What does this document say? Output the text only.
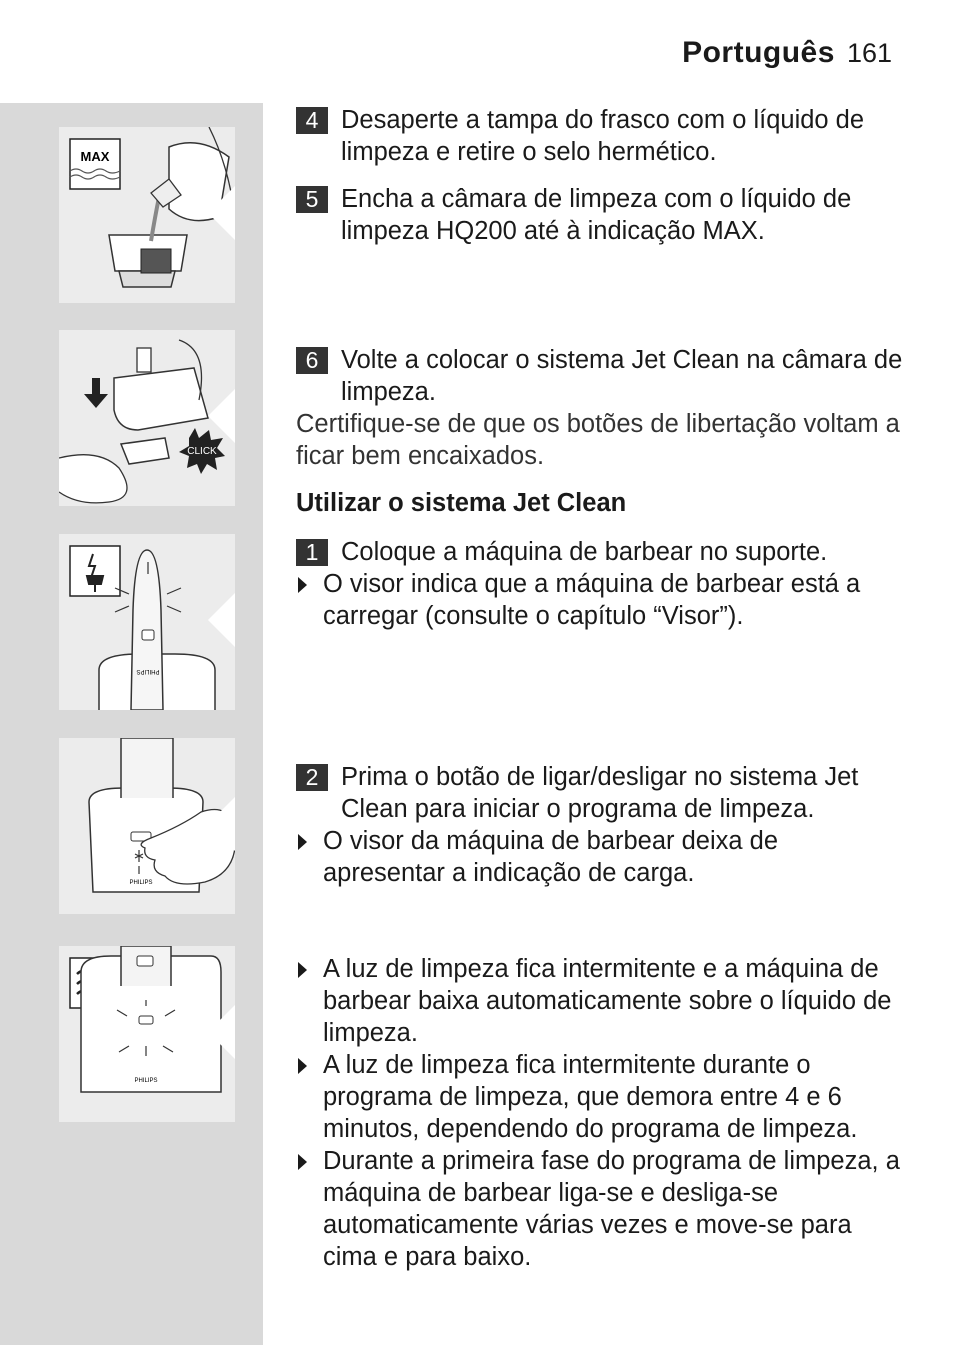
Português 161
MAX
CLICK
PHILIPS
PHILIPS
PHILIPS
4 Desaperte a tampa do frasco com o líquido de limpeza e retire o selo hermético.
5 Encha a câmara de limpeza com o líquido de limpeza HQ200 até à indicação MAX.
6 Volte a colocar o sistema Jet Clean na câmara de limpeza.
Certifique-se de que os botões de libertação voltam a ficar bem encaixados.
Utilizar o sistema Jet Clean
1 Coloque a máquina de barbear no suporte.
O visor indica que a máquina de barbear está a carregar (consulte o capítulo “Visor”).
2 Prima o botão de ligar/desligar no sistema Jet Clean para iniciar o programa de limpeza.
O visor da máquina de barbear deixa de apresentar a indicação de carga.
A luz de limpeza fica intermitente e a máquina de barbear baixa automaticamente sobre o líquido de limpeza.
A luz de limpeza fica intermitente durante o programa de limpeza, que demora entre 4 e 6 minutos, dependendo do programa de limpeza.
Durante a primeira fase do programa de limpeza, a máquina de barbear liga-se e desliga-se automaticamente várias vezes e move-se para cima e para baixo.
